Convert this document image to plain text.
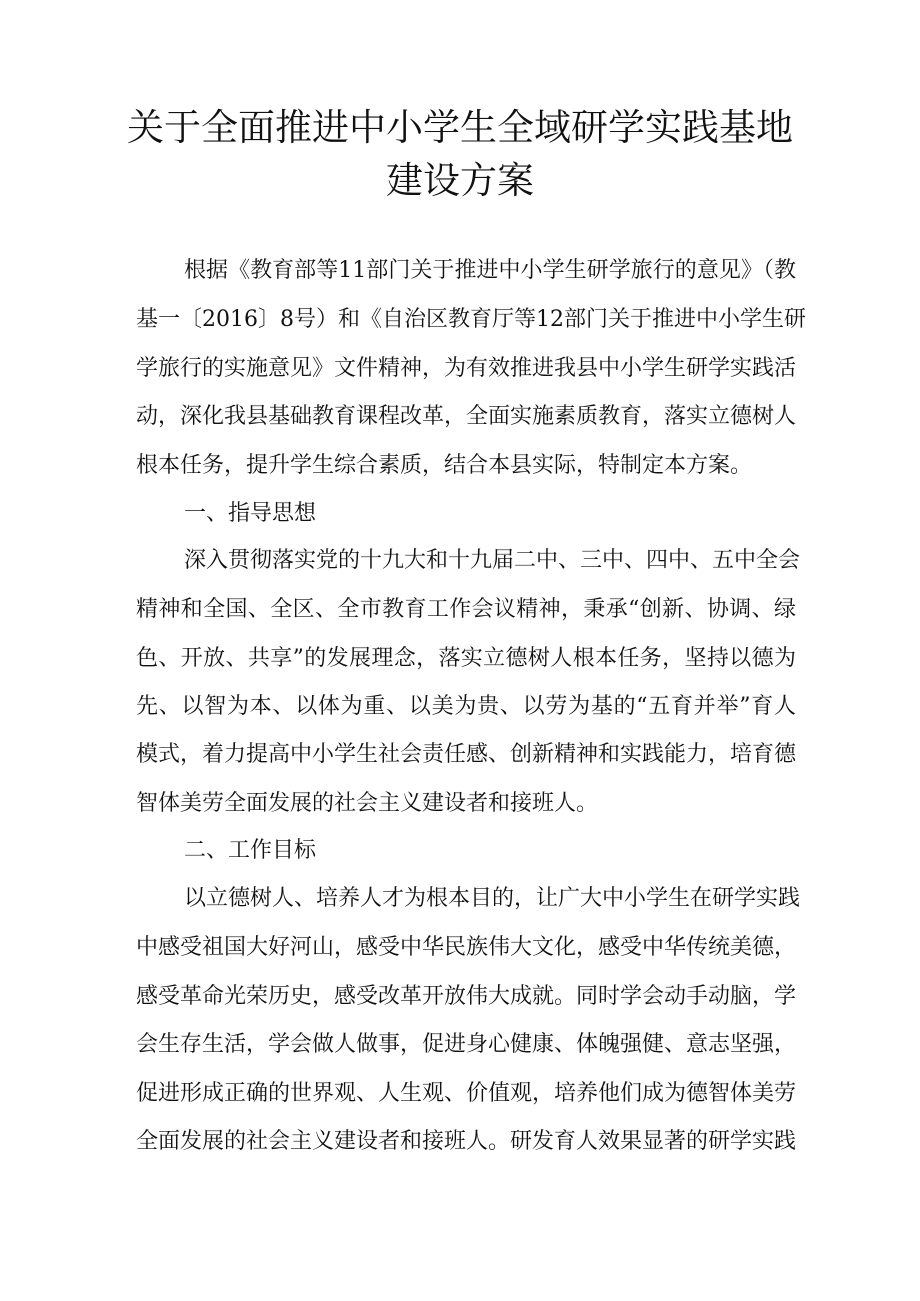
关于全面推进中小学生全域研学实践基地
建设方案
根据《教育部等11部门关于推进中小学生研学旅行的意见》（教
基一〔2016〕8号）和《自治区教育厅等12部门关于推进中小学生研
学旅行的实施意见》文件精神，为有效推进我县中小学生研学实践活
动，深化我县基础教育课程改革，全面实施素质教育，落实立德树人
根本任务，提升学生综合素质，结合本县实际，特制定本方案。
一、指导思想
深入贯彻落实党的十九大和十九届二中、三中、四中、五中全会
精神和全国、全区、全市教育工作会议精神，秉承“创新、协调、绿
色、开放、共享”的发展理念，落实立德树人根本任务，坚持以德为
先、以智为本、以体为重、以美为贵、以劳为基的“五育并举”育人
模式，着力提高中小学生社会责任感、创新精神和实践能力，培育德
智体美劳全面发展的社会主义建设者和接班人。
二、工作目标
以立德树人、培养人才为根本目的，让广大中小学生在研学实践
中感受祖国大好河山，感受中华民族伟大文化，感受中华传统美德，
感受革命光荣历史，感受改革开放伟大成就。同时学会动手动脑，学
会生存生活，学会做人做事，促进身心健康、体魄强健、意志坚强，
促进形成正确的世界观、人生观、价值观，培养他们成为德智体美劳
全面发展的社会主义建设者和接班人。研发育人效果显著的研学实践
